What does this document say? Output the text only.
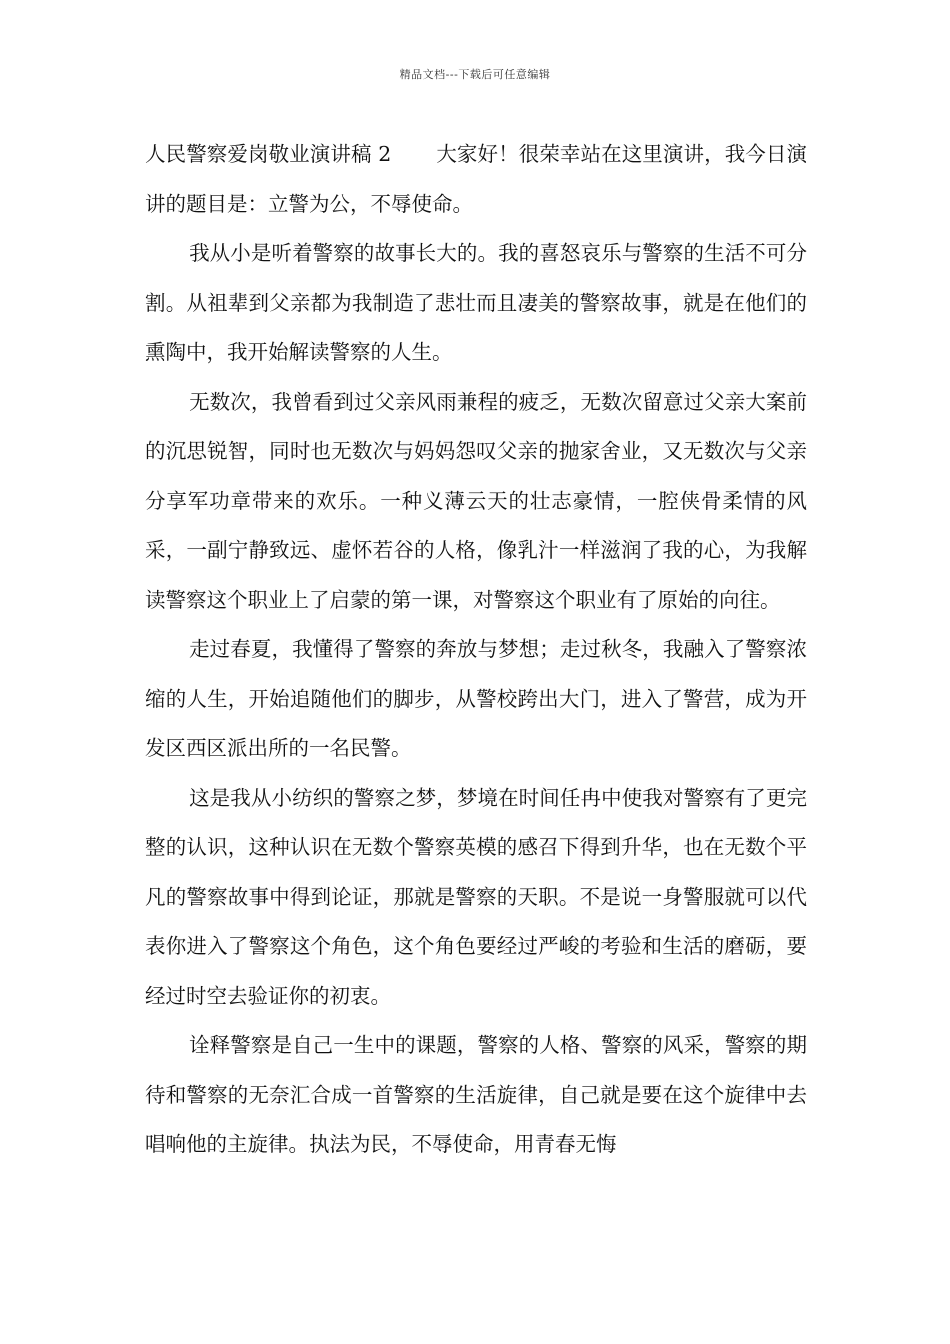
精品文档---下载后可任意编辑

人民警察爱岗敬业演讲稿 2 大家好！很荣幸站在这里演讲，我今日演讲的题目是：立警为公，不辱使命。

我从小是听着警察的故事长大的。我的喜怒哀乐与警察的生活不可分割。从祖辈到父亲都为我制造了悲壮而且凄美的警察故事，就是在他们的熏陶中，我开始解读警察的人生。

无数次，我曾看到过父亲风雨兼程的疲乏，无数次留意过父亲大案前的沉思锐智，同时也无数次与妈妈怨叹父亲的抛家舍业，又无数次与父亲分享军功章带来的欢乐。一种义薄云天的壮志豪情，一腔侠骨柔情的风采，一副宁静致远、虚怀若谷的人格，像乳汁一样滋润了我的心，为我解读警察这个职业上了启蒙的第一课，对警察这个职业有了原始的向往。

走过春夏，我懂得了警察的奔放与梦想；走过秋冬，我融入了警察浓缩的人生，开始追随他们的脚步，从警校跨出大门，进入了警营，成为开发区西区派出所的一名民警。

这是我从小纺织的警察之梦，梦境在时间任冉中使我对警察有了更完整的认识，这种认识在无数个警察英模的感召下得到升华，也在无数个平凡的警察故事中得到论证，那就是警察的天职。不是说一身警服就可以代表你进入了警察这个角色，这个角色要经过严峻的考验和生活的磨砺，要经过时空去验证你的初衷。

诠释警察是自己一生中的课题，警察的人格、警察的风采，警察的期待和警察的无奈汇合成一首警察的生活旋律，自己就是要在这个旋律中去唱响他的主旋律。执法为民，不辱使命，用青春无悔
